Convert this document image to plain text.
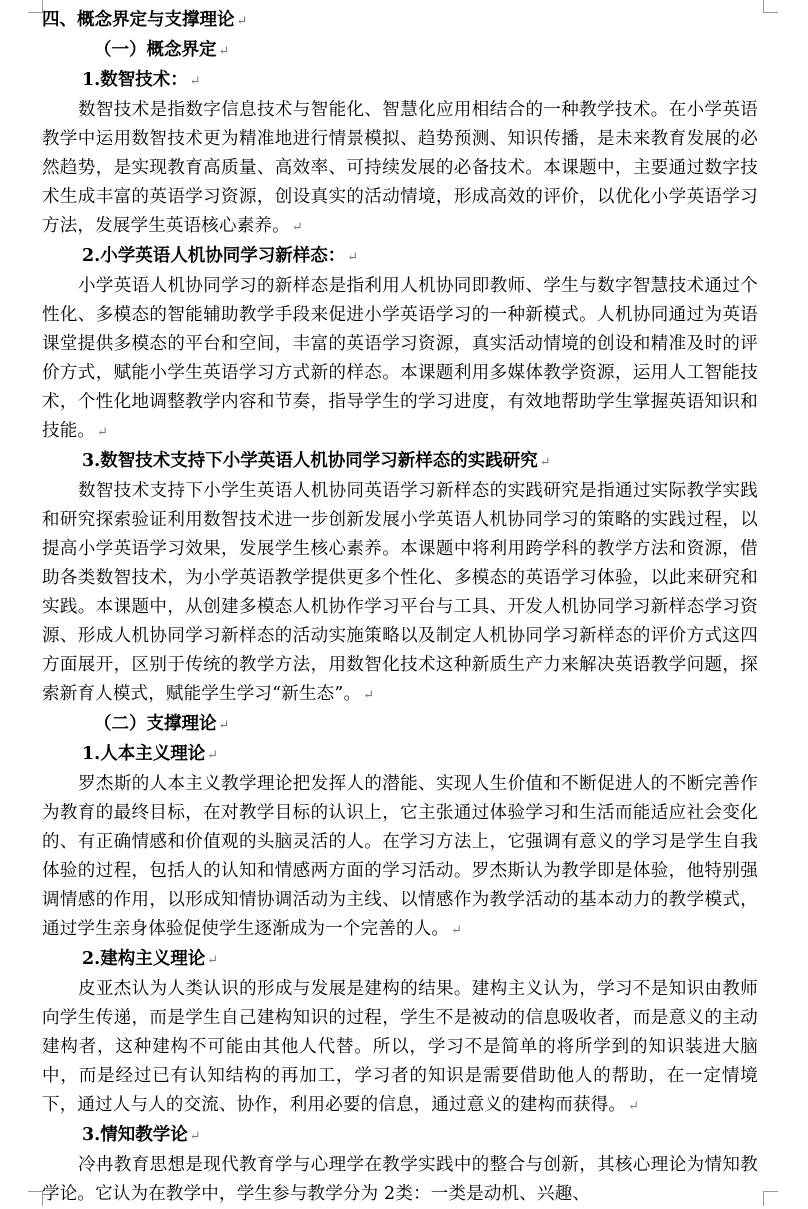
四、概念界定与支撑理论 ↵

（一）概念界定 ↵

1.数智技术： ↵

数智技术是指数字信息技术与智能化、智慧化应用相结合的一种教学技术。在小学英语教学中运用数智技术更为精准地进行情景模拟、趋势预测、知识传播，是未来教育发展的必然趋势，是实现教育高质量、高效率、可持续发展的必备技术。本课题中，主要通过数字技术生成丰富的英语学习资源，创设真实的活动情境，形成高效的评价，以优化小学英语学习方法，发展学生英语核心素养。 ↵

2.小学英语人机协同学习新样态： ↵

小学英语人机协同学习的新样态是指利用人机协同即教师、学生与数字智慧技术通过个性化、多模态的智能辅助教学手段来促进小学英语学习的一种新模式。人机协同通过为英语课堂提供多模态的平台和空间，丰富的英语学习资源，真实活动情境的创设和精准及时的评价方式，赋能小学生英语学习方式新的样态。本课题利用多媒体教学资源，运用人工智能技术，个性化地调整教学内容和节奏，指导学生的学习进度，有效地帮助学生掌握英语知识和技能。 ↵

3.数智技术支持下小学英语人机协同学习新样态的实践研究 ↵

数智技术支持下小学生英语人机协同英语学习新样态的实践研究是指通过实际教学实践和研究探索验证利用数智技术进一步创新发展小学英语人机协同学习的策略的实践过程，以提高小学英语学习效果，发展学生核心素养。本课题中将利用跨学科的教学方法和资源，借助各类数智技术，为小学英语教学提供更多个性化、多模态的英语学习体验，以此来研究和实践。本课题中，从创建多模态人机协作学习平台与工具、开发人机协同学习新样态学习资源、形成人机协同学习新样态的活动实施策略以及制定人机协同学习新样态的评价方式这四方面展开，区别于传统的教学方法，用数智化技术这种新质生产力来解决英语教学问题，探索新育人模式，赋能学生学习“新生态”。 ↵

（二）支撑理论 ↵

1.人本主义理论 ↵

罗杰斯的人本主义教学理论把发挥人的潜能、实现人生价值和不断促进人的不断完善作为教育的最终目标，在对教学目标的认识上，它主张通过体验学习和生活而能适应社会变化的、有正确情感和价值观的头脑灵活的人。在学习方法上，它强调有意义的学习是学生自我体验的过程，包括人的认知和情感两方面的学习活动。罗杰斯认为教学即是体验，他特别强调情感的作用，以形成知情协调活动为主线、以情感作为教学活动的基本动力的教学模式，通过学生亲身体验促使学生逐渐成为一个完善的人。 ↵

2.建构主义理论 ↵

皮亚杰认为人类认识的形成与发展是建构的结果。建构主义认为，学习不是知识由教师向学生传递，而是学生自己建构知识的过程，学生不是被动的信息吸收者，而是意义的主动建构者，这种建构不可能由其他人代替。所以，学习不是简单的将所学到的知识装进大脑中，而是经过已有认知结构的再加工，学习者的知识是需要借助他人的帮助，在一定情境下，通过人与人的交流、协作，利用必要的信息，通过意义的建构而获得。 ↵

3.情知教学论 ↵

冷冉教育思想是现代教育学与心理学在教学实践中的整合与创新，其核心理论为情知教学论。它认为在教学中，学生参与教学分为 2类：一类是动机、兴趣、
